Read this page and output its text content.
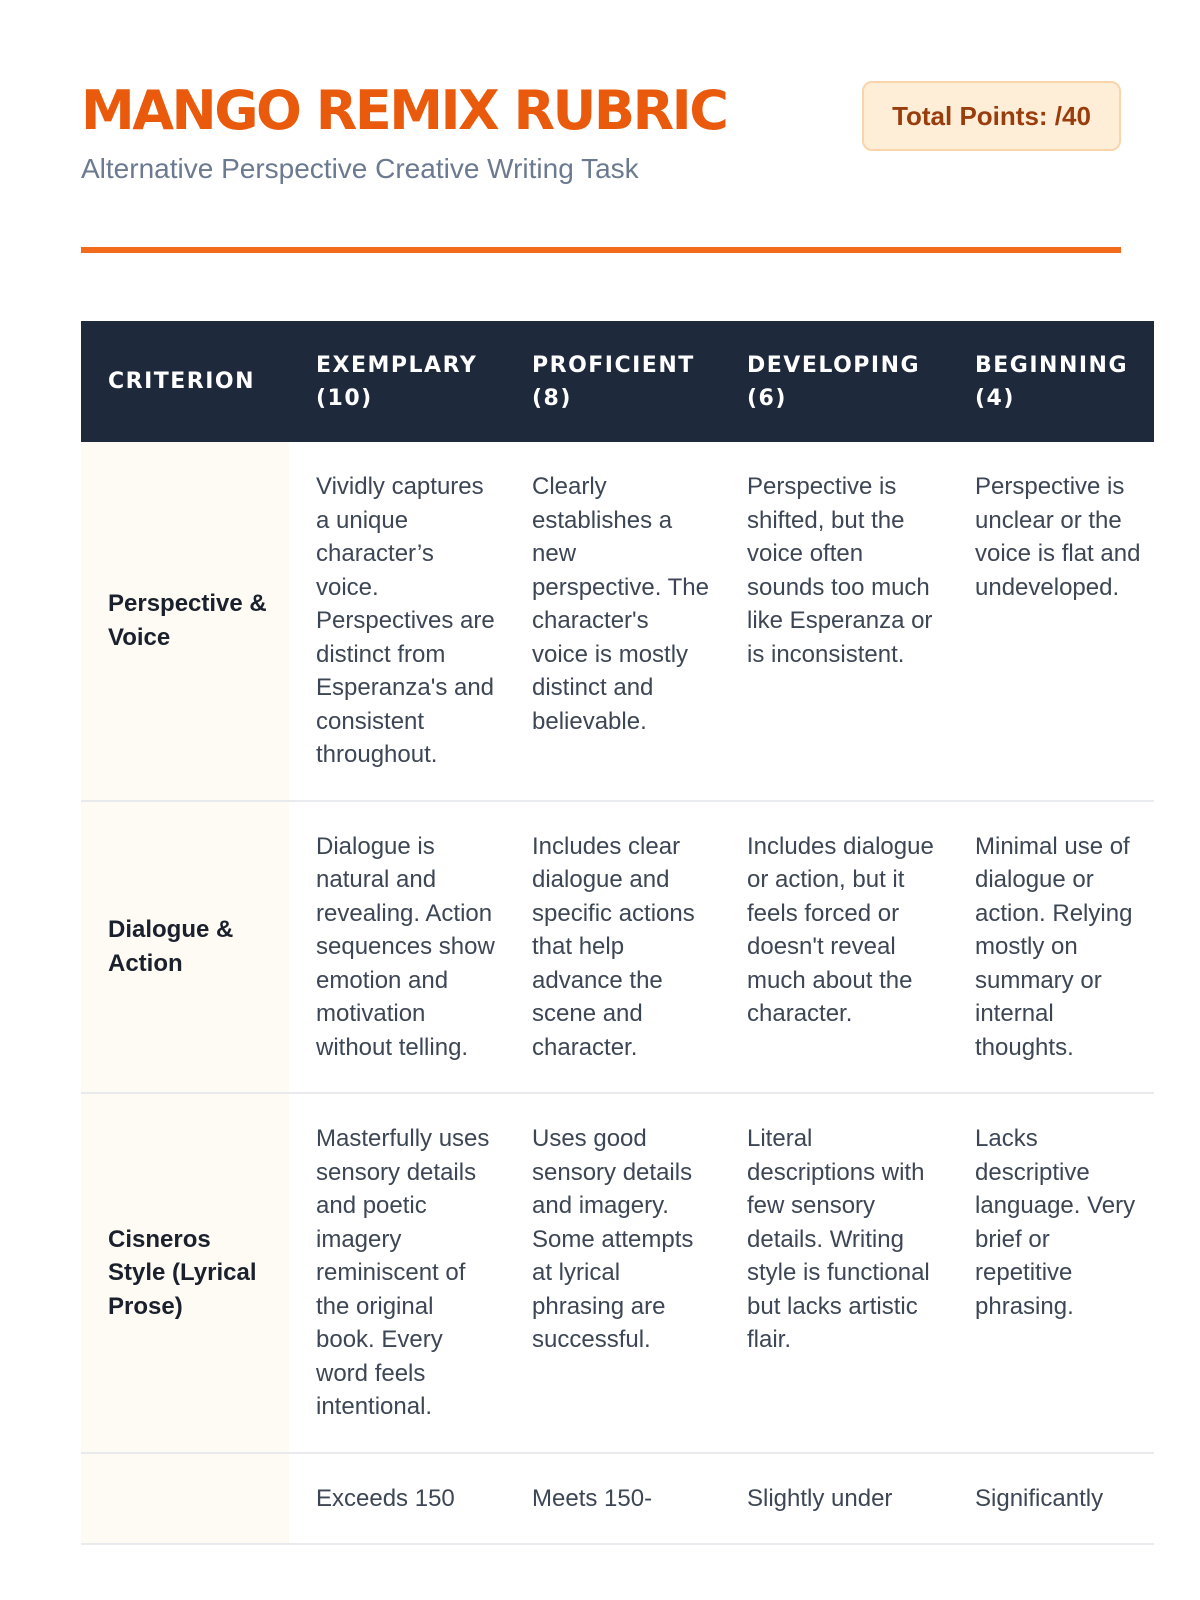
MANGO REMIX RUBRIC
Alternative Perspective Creative Writing Task
Total Points: /40
CRITERION	EXEMPLARY (10)	PROFICIENT (8)	DEVELOPING (6)	BEGINNING (4)
Perspective & Voice	Vividly captures a unique character’s voice. Perspectives are distinct from Esperanza's and consistent throughout.	Clearly establishes a new perspective. The character's voice is mostly distinct and believable.	Perspective is shifted, but the voice often sounds too much like Esperanza or is inconsistent.	Perspective is unclear or the voice is flat and undeveloped.
Dialogue & Action	Dialogue is natural and revealing. Action sequences show emotion and motivation without telling.	Includes clear dialogue and specific actions that help advance the scene and character.	Includes dialogue or action, but it feels forced or doesn't reveal much about the character.	Minimal use of dialogue or action. Relying mostly on summary or internal thoughts.
Cisneros Style (Lyrical Prose)	Masterfully uses sensory details and poetic imagery reminiscent of the original book. Every word feels intentional.	Uses good sensory details and imagery. Some attempts at lyrical phrasing are successful.	Literal descriptions with few sensory details. Writing style is functional but lacks artistic flair.	Lacks descriptive language. Very brief or repetitive phrasing.
	Exceeds 150	Meets 150-	Slightly under	Significantly
